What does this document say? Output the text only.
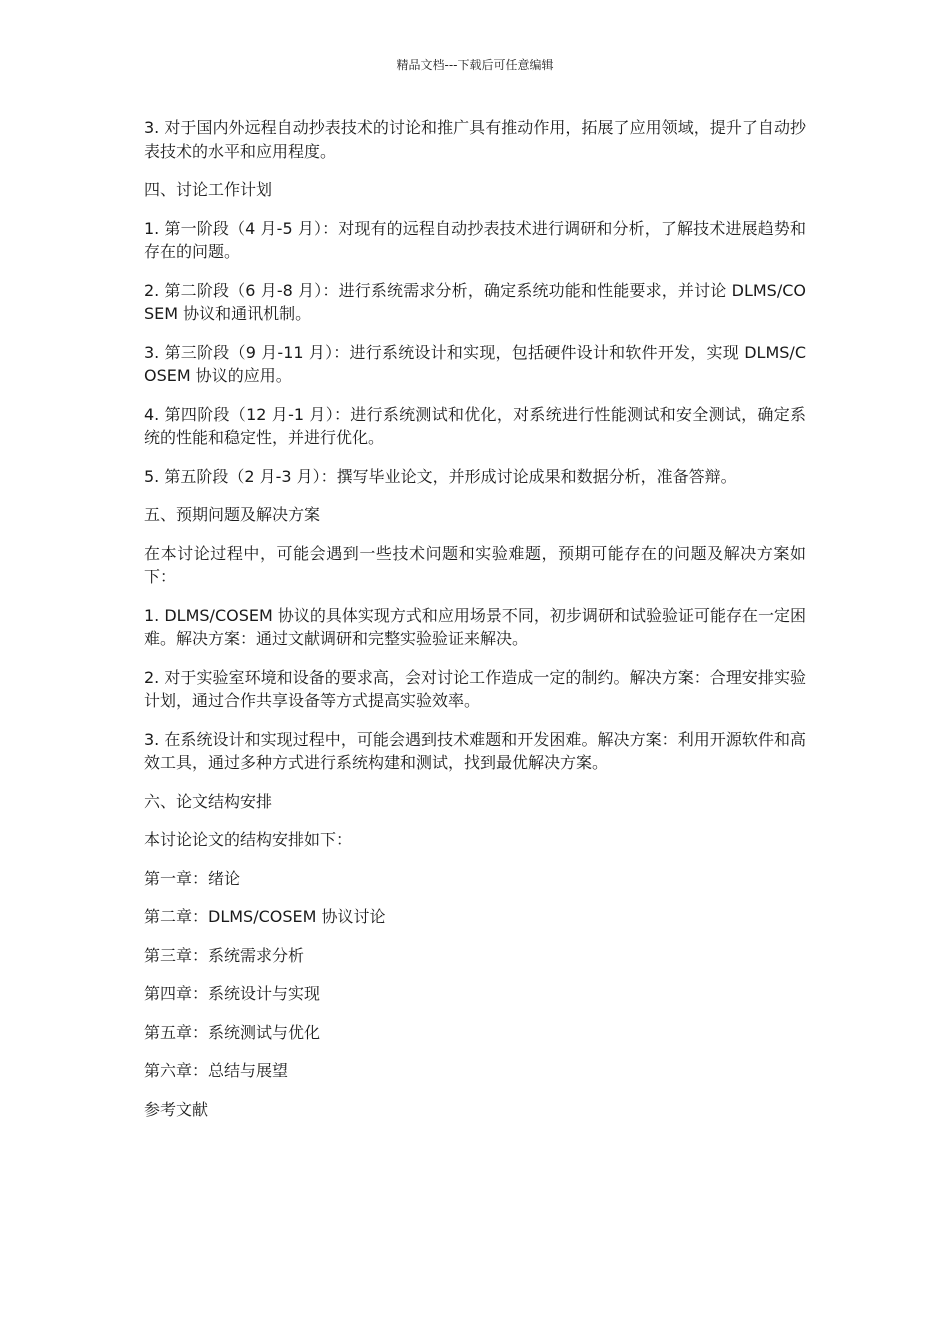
精品文档---下载后可任意编辑

3. 对于国内外远程自动抄表技术的讨论和推广具有推动作用，拓展了应用领域，提升了自动抄表技术的水平和应用程度。

四、讨论工作计划

1. 第一阶段（4 月-5 月）：对现有的远程自动抄表技术进行调研和分析，了解技术进展趋势和存在的问题。

2. 第二阶段（6 月-8 月）：进行系统需求分析，确定系统功能和性能要求，并讨论 DLMS/COSEM 协议和通讯机制。

3. 第三阶段（9 月-11 月）：进行系统设计和实现，包括硬件设计和软件开发，实现 DLMS/COSEM 协议的应用。

4. 第四阶段（12 月-1 月）：进行系统测试和优化，对系统进行性能测试和安全测试，确定系统的性能和稳定性，并进行优化。

5. 第五阶段（2 月-3 月）：撰写毕业论文，并形成讨论成果和数据分析，准备答辩。

五、预期问题及解决方案

在本讨论过程中，可能会遇到一些技术问题和实验难题，预期可能存在的问题及解决方案如下：

1. DLMS/COSEM 协议的具体实现方式和应用场景不同，初步调研和试验验证可能存在一定困难。解决方案：通过文献调研和完整实验验证来解决。

2. 对于实验室环境和设备的要求高，会对讨论工作造成一定的制约。解决方案：合理安排实验计划，通过合作共享设备等方式提高实验效率。

3. 在系统设计和实现过程中，可能会遇到技术难题和开发困难。解决方案：利用开源软件和高效工具，通过多种方式进行系统构建和测试，找到最优解决方案。

六、论文结构安排

本讨论论文的结构安排如下：

第一章：绪论

第二章：DLMS/COSEM 协议讨论

第三章：系统需求分析

第四章：系统设计与实现

第五章：系统测试与优化

第六章：总结与展望

参考文献
